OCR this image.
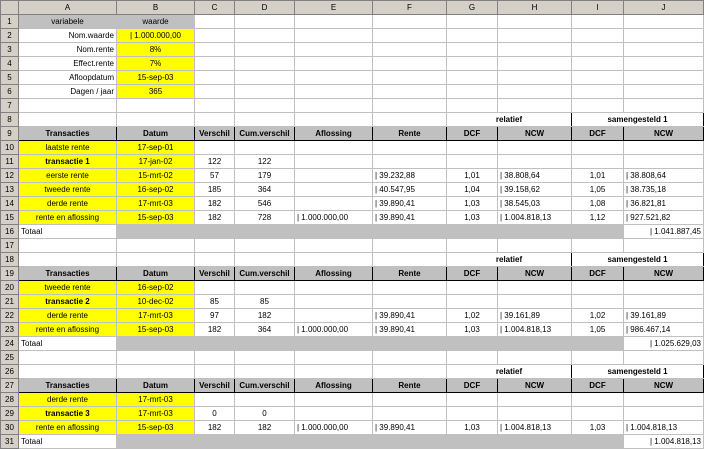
	A	B	C	D	E	F	G	H	I	J
1	variabele	waarde								
2	Nom.waarde	| 1.000.000,00								
3	Nom.rente	8%								
4	Effect.rente	7%								
5	Afloopdatum	15-sep-03								
6	Dagen / jaar	365								
7										
8							relatief		samengesteld 1	
9	Transacties	Datum	Verschil	Cum.verschil	Aflossing	Rente	DCF	NCW	DCF	NCW
10	laatste rente	17-sep-01								
11	transactie 1	17-jan-02	122	122						
12	eerste rente	15-mrt-02	57	179		| 39.232,88	1,01	| 38.808,64	1,01	| 38.808,64
13	tweede rente	16-sep-02	185	364		| 40.547,95	1,04	| 39.158,62	1,05	| 38.735,18
14	derde rente	17-mrt-03	182	546		| 39.890,41	1,03	| 38.545,03	1,08	| 36.821,81
15	rente en aflossing	15-sep-03	182	728	| 1.000.000,00	| 39.890,41	1,03	| 1.004.818,13	1,12	| 927.521,82
16	Totaal									| 1.041.887,45
17										
18							relatief		samengesteld 1	
19	Transacties	Datum	Verschil	Cum.verschil	Aflossing	Rente	DCF	NCW	DCF	NCW
20	tweede rente	16-sep-02								
21	transactie 2	10-dec-02	85	85						
22	derde rente	17-mrt-03	97	182		| 39.890,41	1,02	| 39.161,89	1,02	| 39.161,89
23	rente en aflossing	15-sep-03	182	364	| 1.000.000,00	| 39.890,41	1,03	| 1.004.818,13	1,05	| 986.467,14
24	Totaal									| 1.025.629,03
25										
26							relatief		samengesteld 1	
27	Transacties	Datum	Verschil	Cum.verschil	Aflossing	Rente	DCF	NCW	DCF	NCW
28	derde rente	17-mrt-03								
29	transactie 3	17-mrt-03	0	0						
30	rente en aflossing	15-sep-03	182	182	| 1.000.000,00	| 39.890,41	1,03	| 1.004.818,13	1,03	| 1.004.818,13
31	Totaal									| 1.004.818,13
